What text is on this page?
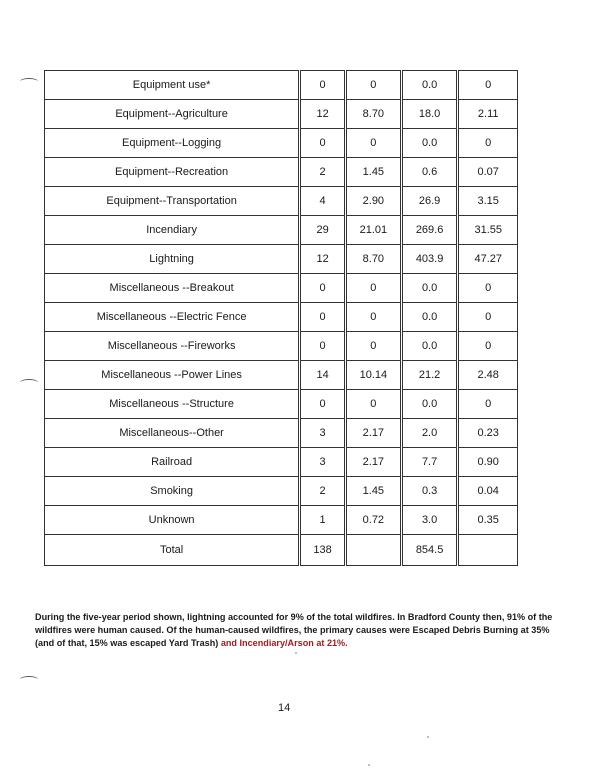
Equipment use*	0	0	0.0	0
Equipment--Agriculture	12	8.70	18.0	2.11
Equipment--Logging	0	0	0.0	0
Equipment--Recreation	2	1.45	0.6	0.07
Equipment--Transportation	4	2.90	26.9	3.15
Incendiary	29	21.01	269.6	31.55
Lightning	12	8.70	403.9	47.27
Miscellaneous --Breakout	0	0	0.0	0
Miscellaneous --Electric Fence	0	0	0.0	0
Miscellaneous --Fireworks	0	0	0.0	0
Miscellaneous --Power Lines	14	10.14	21.2	2.48
Miscellaneous --Structure	0	0	0.0	0
Miscellaneous--Other	3	2.17	2.0	0.23
Railroad	3	2.17	7.7	0.90
Smoking	2	1.45	0.3	0.04
Unknown	1	0.72	3.0	0.35
Total	138		854.5	

During the five-year period shown, lightning accounted for 9% of the total wildfires. In Bradford County then, 91% of the wildfires were human caused. Of the human-caused wildfires, the primary causes were Escaped Debris Burning at 35% (and of that, 15% was escaped Yard Trash) and Incendiary/Arson at 21%.

14
